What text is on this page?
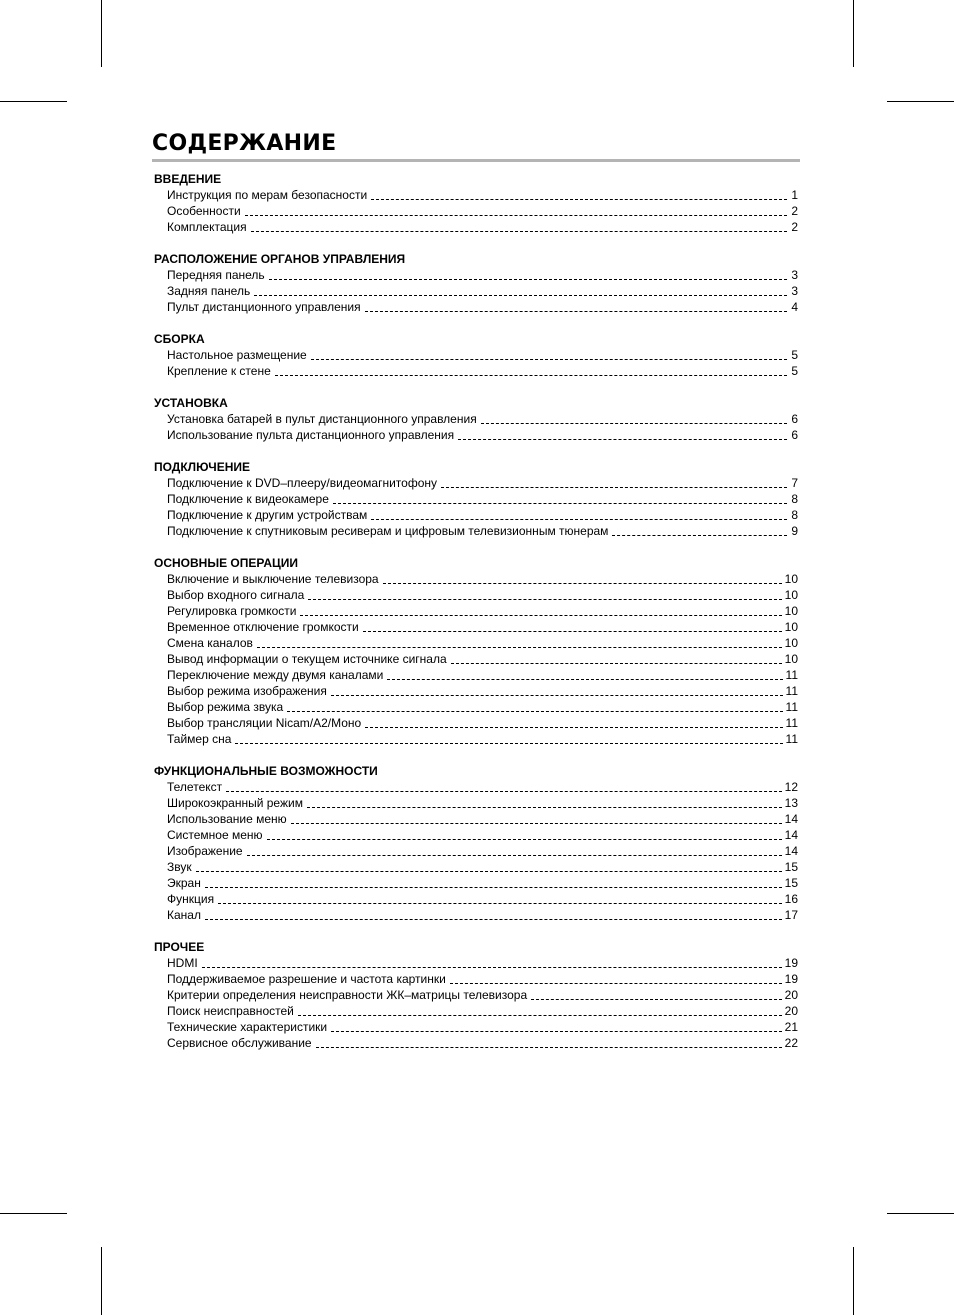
СОДЕРЖАНИЕ
ВВЕДЕНИЕ
Инструкция по мерам безопасности	1
Особенности	2
Комплектация	2
РАСПОЛОЖЕНИЕ ОРГАНОВ УПРАВЛЕНИЯ
Передняя панель	3
Задняя панель	3
Пульт дистанционного управления	4
СБОРКА
Настольное размещение	5
Крепление к стене	5
УСТАНОВКА
Установка батарей в пульт дистанционного управления	6
Использование пульта дистанционного управления	6
ПОДКЛЮЧЕНИЕ
Подключение к DVD–плееру/видеомагнитофону	7
Подключение к видеокамере	8
Подключение к другим устройствам	8
Подключение к спутниковым ресиверам и цифровым телевизионным тюнерам	9
ОСНОВНЫЕ ОПЕРАЦИИ
Включение и выключение телевизора	10
Выбор входного сигнала	10
Регулировка громкости	10
Временное отключение громкости	10
Смена каналов	10
Вывод информации о текущем источнике сигнала	10
Переключение между двумя каналами	11
Выбор режима изображения	11
Выбор режима звука	11
Выбор трансляции Nicam/A2/Моно	11
Таймер сна	11
ФУНКЦИОНАЛЬНЫЕ ВОЗМОЖНОСТИ
Телетекст	12
Широкоэкранный режим	13
Использование меню	14
Системное меню	14
Изображение	14
Звук	15
Экран	15
Функция	16
Канал	17
ПРОЧЕЕ
HDMI	19
Поддерживаемое разрешение и частота картинки	19
Критерии определения неисправности ЖК–матрицы телевизора	20
Поиск неисправностей	20
Технические характеристики	21
Сервисное обслуживание	22
